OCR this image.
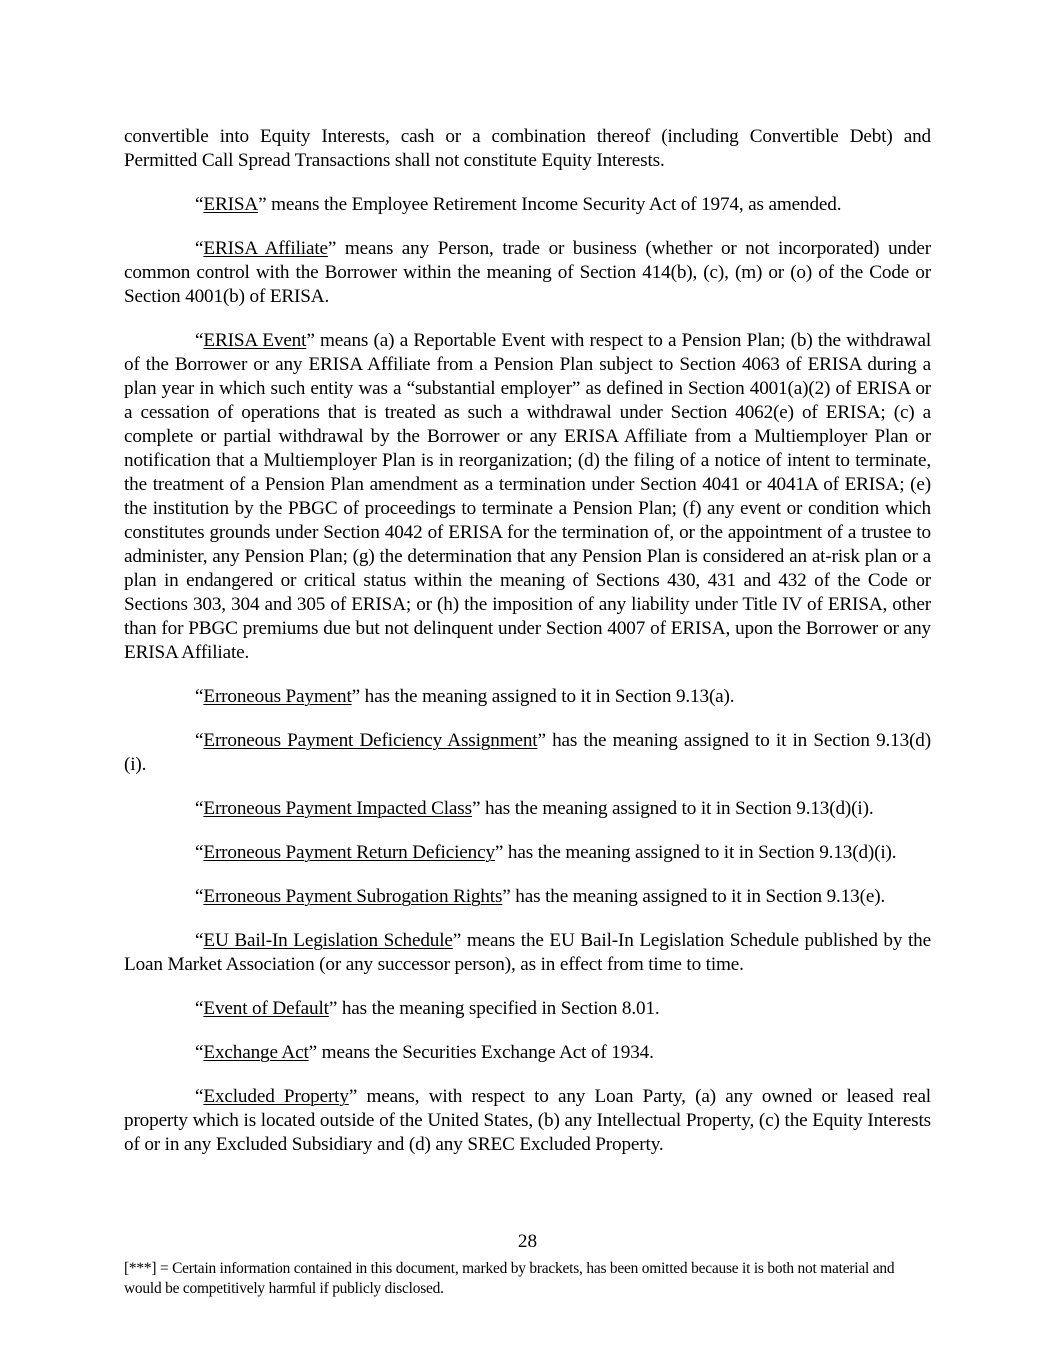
convertible into Equity Interests, cash or a combination thereof (including Convertible Debt) and Permitted Call Spread Transactions shall not constitute Equity Interests.

“ERISA” means the Employee Retirement Income Security Act of 1974, as amended.

“ERISA Affiliate” means any Person, trade or business (whether or not incorporated) under common control with the Borrower within the meaning of Section 414(b), (c), (m) or (o) of the Code or Section 4001(b) of ERISA.

“ERISA Event” means (a) a Reportable Event with respect to a Pension Plan; (b) the withdrawal of the Borrower or any ERISA Affiliate from a Pension Plan subject to Section 4063 of ERISA during a plan year in which such entity was a “substantial employer” as defined in Section 4001(a)(2) of ERISA or a cessation of operations that is treated as such a withdrawal under Section 4062(e) of ERISA; (c) a complete or partial withdrawal by the Borrower or any ERISA Affiliate from a Multiemployer Plan or notification that a Multiemployer Plan is in reorganization; (d) the filing of a notice of intent to terminate, the treatment of a Pension Plan amendment as a termination under Section 4041 or 4041A of ERISA; (e) the institution by the PBGC of proceedings to terminate a Pension Plan; (f) any event or condition which constitutes grounds under Section 4042 of ERISA for the termination of, or the appointment of a trustee to administer, any Pension Plan; (g) the determination that any Pension Plan is considered an at-risk plan or a plan in endangered or critical status within the meaning of Sections 430, 431 and 432 of the Code or Sections 303, 304 and 305 of ERISA; or (h) the imposition of any liability under Title IV of ERISA, other than for PBGC premiums due but not delinquent under Section 4007 of ERISA, upon the Borrower or any ERISA Affiliate.

“Erroneous Payment” has the meaning assigned to it in Section 9.13(a).

“Erroneous Payment Deficiency Assignment” has the meaning assigned to it in Section 9.13(d)(i).

“Erroneous Payment Impacted Class” has the meaning assigned to it in Section 9.13(d)(i).

“Erroneous Payment Return Deficiency” has the meaning assigned to it in Section 9.13(d)(i).

“Erroneous Payment Subrogation Rights” has the meaning assigned to it in Section 9.13(e).

“EU Bail-In Legislation Schedule” means the EU Bail-In Legislation Schedule published by the Loan Market Association (or any successor person), as in effect from time to time.

“Event of Default” has the meaning specified in Section 8.01.

“Exchange Act” means the Securities Exchange Act of 1934.

“Excluded Property” means, with respect to any Loan Party, (a) any owned or leased real property which is located outside of the United States, (b) any Intellectual Property, (c) the Equity Interests of or in any Excluded Subsidiary and (d) any SREC Excluded Property.

28
[***] = Certain information contained in this document, marked by brackets, has been omitted because it is both not material and would be competitively harmful if publicly disclosed.
